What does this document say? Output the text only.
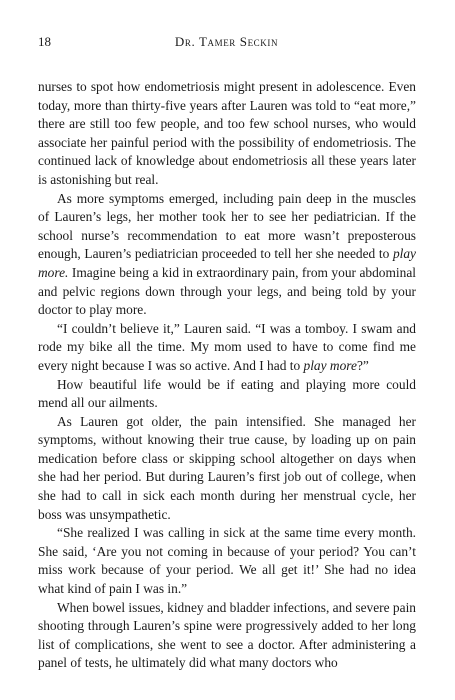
18	Dr. Tamer Seckin

nurses to spot how endometriosis might present in adolescence. Even today, more than thirty-five years after Lauren was told to “eat more,” there are still too few people, and too few school nurses, who would associate her painful period with the possibility of endometriosis. The continued lack of knowledge about endometriosis all these years later is astonishing but real.

As more symptoms emerged, including pain deep in the muscles of Lauren’s legs, her mother took her to see her pediatrician. If the school nurse’s recommendation to eat more wasn’t preposterous enough, Lauren’s pediatrician proceeded to tell her she needed to play more. Imagine being a kid in extraordinary pain, from your abdominal and pelvic regions down through your legs, and being told by your doctor to play more.

“I couldn’t believe it,” Lauren said. “I was a tomboy. I swam and rode my bike all the time. My mom used to have to come find me every night because I was so active. And I had to play more?”

How beautiful life would be if eating and playing more could mend all our ailments.

As Lauren got older, the pain intensified. She managed her symptoms, without knowing their true cause, by loading up on pain medication before class or skipping school altogether on days when she had her period. But during Lauren’s first job out of college, when she had to call in sick each month during her menstrual cycle, her boss was unsympathetic.

“She realized I was calling in sick at the same time every month. She said, ‘Are you not coming in because of your period? You can’t miss work because of your period. We all get it!’ She had no idea what kind of pain I was in.”

When bowel issues, kidney and bladder infections, and severe pain shooting through Lauren’s spine were progressively added to her long list of complications, she went to see a doctor. After administering a panel of tests, he ultimately did what many doctors who
